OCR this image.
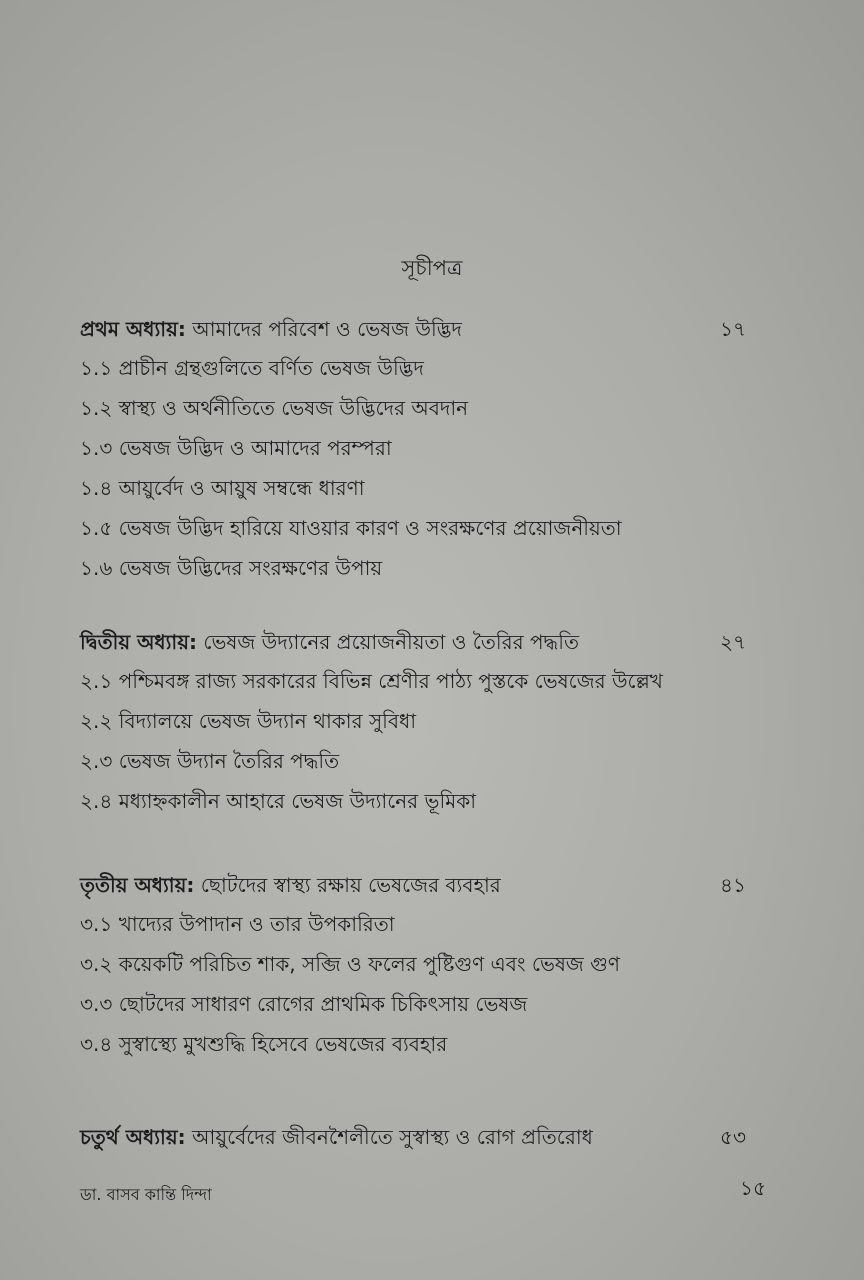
সূচীপত্র
প্রথম অধ্যায়: আমাদের পরিবেশ ও ভেষজ উদ্ভিদ	১৭
১.১ প্রাচীন গ্রন্থগুলিতে বর্ণিত ভেষজ উদ্ভিদ
১.২ স্বাস্থ্য ও অর্থনীতিতে ভেষজ উদ্ভিদের অবদান
১.৩ ভেষজ উদ্ভিদ ও আমাদের পরম্পরা
১.৪ আয়ুর্বেদ ও আয়ুষ সম্বন্ধে ধারণা
১.৫ ভেষজ উদ্ভিদ হারিয়ে যাওয়ার কারণ ও সংরক্ষণের প্রয়োজনীয়তা
১.৬ ভেষজ উদ্ভিদের সংরক্ষণের উপায়
দ্বিতীয় অধ্যায়: ভেষজ উদ্যানের প্রয়োজনীয়তা ও তৈরির পদ্ধতি	২৭
২.১ পশ্চিমবঙ্গ রাজ্য সরকারের বিভিন্ন শ্রেণীর পাঠ্য পুস্তকে ভেষজের উল্লেখ
২.২ বিদ্যালয়ে ভেষজ উদ্যান থাকার সুবিধা
২.৩ ভেষজ উদ্যান তৈরির পদ্ধতি
২.৪ মধ্যাহ্নকালীন আহারে ভেষজ উদ্যানের ভূমিকা
তৃতীয় অধ্যায়: ছোটদের স্বাস্থ্য রক্ষায় ভেষজের ব্যবহার	৪১
৩.১ খাদ্যের উপাদান ও তার উপকারিতা
৩.২ কয়েকটি পরিচিত শাক, সব্জি ও ফলের পুষ্টিগুণ এবং ভেষজ গুণ
৩.৩ ছোটদের সাধারণ রোগের প্রাথমিক চিকিৎসায় ভেষজ
৩.৪ সুস্বাস্থ্যে মুখশুদ্ধি হিসেবে ভেষজের ব্যবহার
চতুর্থ অধ্যায়: আয়ুর্বেদের জীবনশৈলীতে সুস্বাস্থ্য ও রোগ প্রতিরোধ	৫৩
ডা. বাসব কান্তি দিন্দা	১৫
